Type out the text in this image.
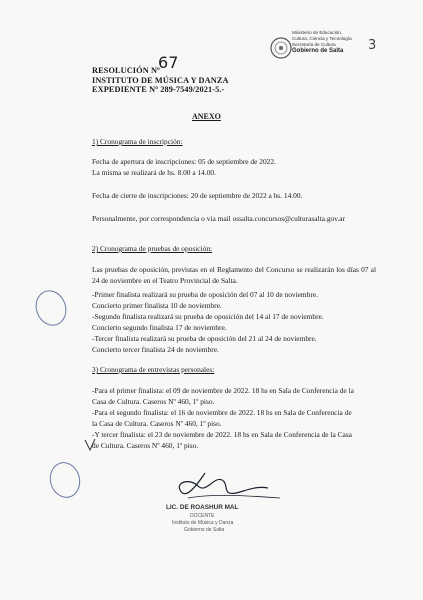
Ministerio de Educación,
Cultura, Ciencia y Tecnología
Secretaría de Cultura
Gobierno de Salta	3
RESOLUCIÓN Nº
67
INSTITUTO DE MÚSICA Y DANZA
EXPEDIENTE Nº 289-7549/2021-5.-
ANEXO
1) Cronograma de inscripción:
Fecha de apertura de inscripciones: 05 de septiembre de 2022.
La misma se realizará de hs. 8.00 a 14.00.
Fecha de cierre de inscripciones: 20 de septiembre de 2022 a hs. 14.00.
Personalmente, por correspondencia o via mail ossalta.concursos@culturasalta.gov.ar
2) Cronograma de pruebas de oposición:
Las pruebas de oposición, previstas en el Reglamento del Concurso se realizarán los días 07 al 24 de noviembre en el Teatro Provincial de Salta.
-Primer finalista realizará su prueba de oposición del 07 al 10 de noviembre.
Concierto primer finalista 10 de noviembre.
-Segundo finalista realizará su prueba de oposición del 14 al 17 de noviembre.
Concierto segundo finalista 17 de noviembre.
-Tercer finalista realizará su prueba de oposición del 21 al 24 de noviembre.
Concierto tercer finalista 24 de noviembre.
3) Cronograma de entrevistas personales:
-Para el primer finalista: el 09 de noviembre de 2022. 18 hs en Sala de Conferencia de la
Casa de Cultura. Caseros Nº 460, 1º piso.
-Para el segundo finalista: el 16 de noviembre de 2022. 18 hs en Sala de Conferencia de
la Casa de Cultura. Caseros Nº 460, 1º piso.
-Y tercer finalista: el 23 de noviembre de 2022. 18 hs en Sala de Conferencia de la Casa
de Cultura. Caseros Nº 460, 1º piso.
LIC. DE ROASHUR MAL
DOCENTE
Instituto de Música y Danza
Gobierno de Salta
